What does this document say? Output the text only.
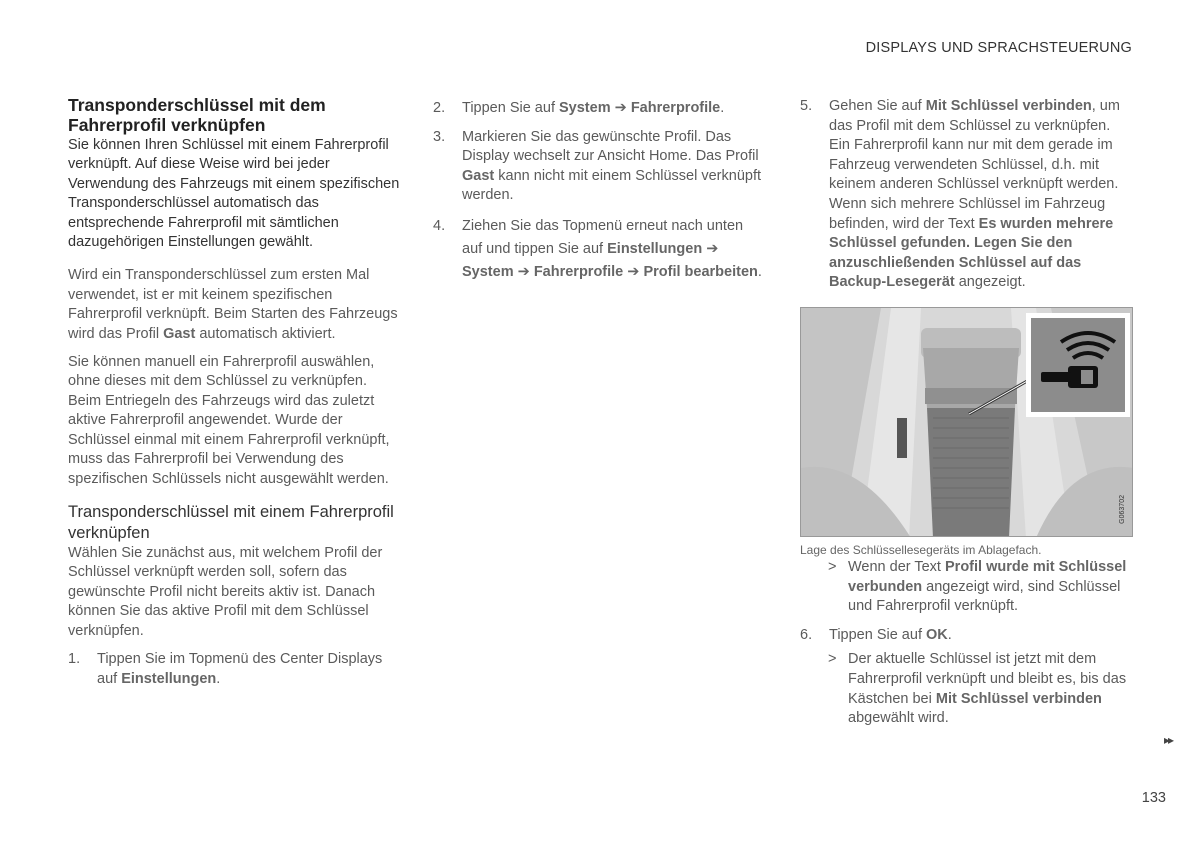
DISPLAYS UND SPRACHSTEUERUNG
Transponderschlüssel mit dem Fahrerprofil verknüpfen

Sie können Ihren Schlüssel mit einem Fahrerprofil verknüpft. Auf diese Weise wird bei jeder Verwendung des Fahrzeugs mit einem spezifischen Transponderschlüssel automatisch das entsprechende Fahrerprofil mit sämtlichen dazugehörigen Einstellungen gewählt.

Wird ein Transponderschlüssel zum ersten Mal verwendet, ist er mit keinem spezifischen Fahrerprofil verknüpft. Beim Starten des Fahrzeugs wird das Profil Gast automatisch aktiviert.

Sie können manuell ein Fahrerprofil auswählen, ohne dieses mit dem Schlüssel zu verknüpfen. Beim Entriegeln des Fahrzeugs wird das zuletzt aktive Fahrerprofil angewendet. Wurde der Schlüssel einmal mit einem Fahrerprofil verknüpft, muss das Fahrerprofil bei Verwendung des spezifischen Schlüssels nicht ausgewählt werden.

Transponderschlüssel mit einem Fahrerprofil verknüpfen

Wählen Sie zunächst aus, mit welchem Profil der Schlüssel verknüpft werden soll, sofern das gewünschte Profil nicht bereits aktiv ist. Danach können Sie das aktive Profil mit dem Schlüssel verknüpfen.

1.	Tippen Sie im Topmenü des Center Displays auf Einstellungen.
2.	Tippen Sie auf System ➔ Fahrerprofile.
3.	Markieren Sie das gewünschte Profil. Das Display wechselt zur Ansicht Home. Das Profil Gast kann nicht mit einem Schlüssel verknüpft werden.
4.	Ziehen Sie das Topmenü erneut nach unten auf und tippen Sie auf Einstellungen ➔ System ➔ Fahrerprofile ➔ Profil bearbeiten.
5.	Gehen Sie auf Mit Schlüssel verbinden, um das Profil mit dem Schlüssel zu verknüpfen. Ein Fahrerprofil kann nur mit dem gerade im Fahrzeug verwendeten Schlüssel, d.h. mit keinem anderen Schlüssel verknüpft werden. Wenn sich mehrere Schlüssel im Fahrzeug befinden, wird der Text Es wurden mehrere Schlüssel gefunden. Legen Sie den anzuschließenden Schlüssel auf das Backup-Lesegerät angezeigt.
G063702
Lage des Schlüssellesegeräts im Ablagefach.
> Wenn der Text Profil wurde mit Schlüssel verbunden angezeigt wird, sind Schlüssel und Fahrerprofil verknüpft.
6.	Tippen Sie auf OK.
> Der aktuelle Schlüssel ist jetzt mit dem Fahrerprofil verknüpft und bleibt es, bis das Kästchen bei Mit Schlüssel verbinden abgewählt wird.
▸▸
133
